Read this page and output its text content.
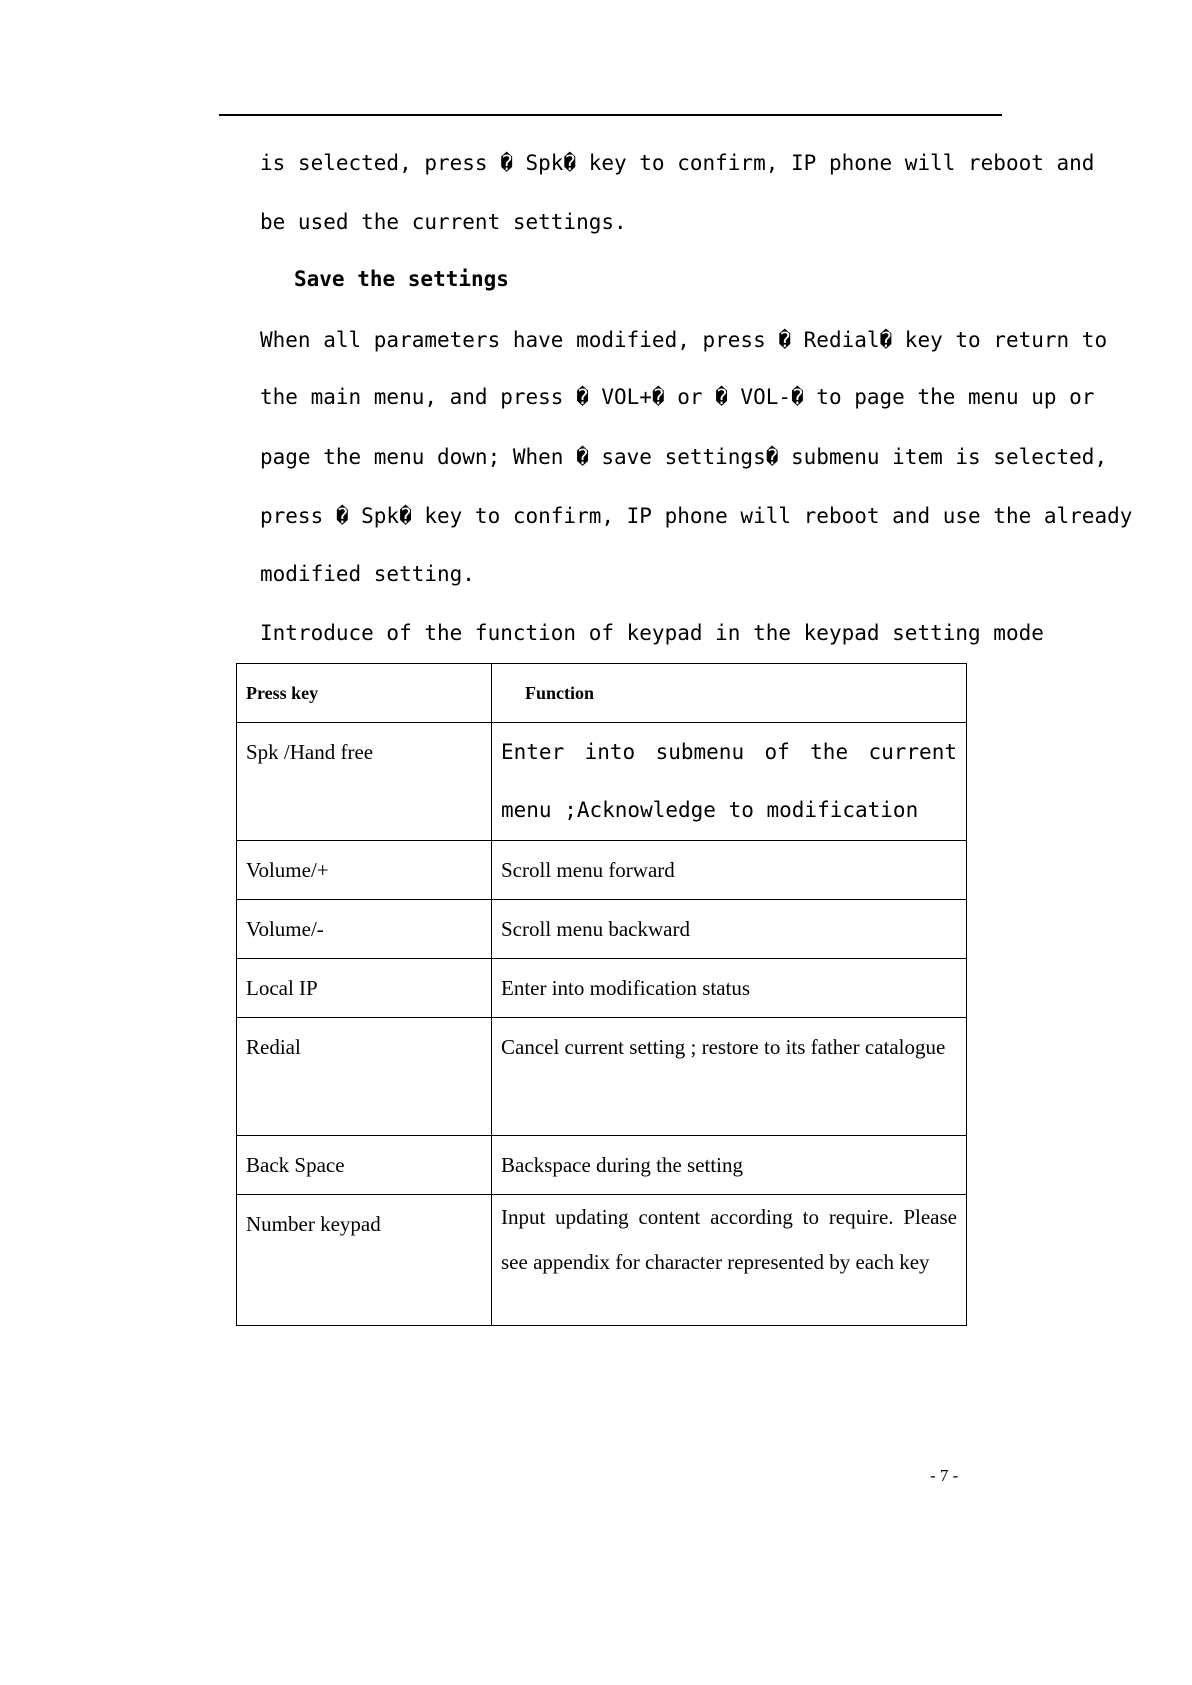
is selected, press � Spk� key to confirm, IP phone will reboot and
be used the current settings.
Save the settings
When all parameters have modified, press � Redial� key to return to
the main menu, and press � VOL+� or � VOL-� to page the menu up or
page the menu down; When � save settings� submenu item is selected,
press � Spk� key to confirm, IP phone will reboot and use the already
modified setting.
Introduce of the function of keypad in the keypad setting mode
Press key	Function

Spk /Hand free	Enter into submenu of the current menu ;Acknowledge to modification

Volume/+	Scroll menu forward

Volume/-	Scroll menu backward

Local IP	Enter into modification status

Redial	Cancel current setting ; restore to its father catalogue

Back Space	Backspace during the setting

Number keypad	Input updating content according to require. Please see appendix for character represented by each key
- 7 -
